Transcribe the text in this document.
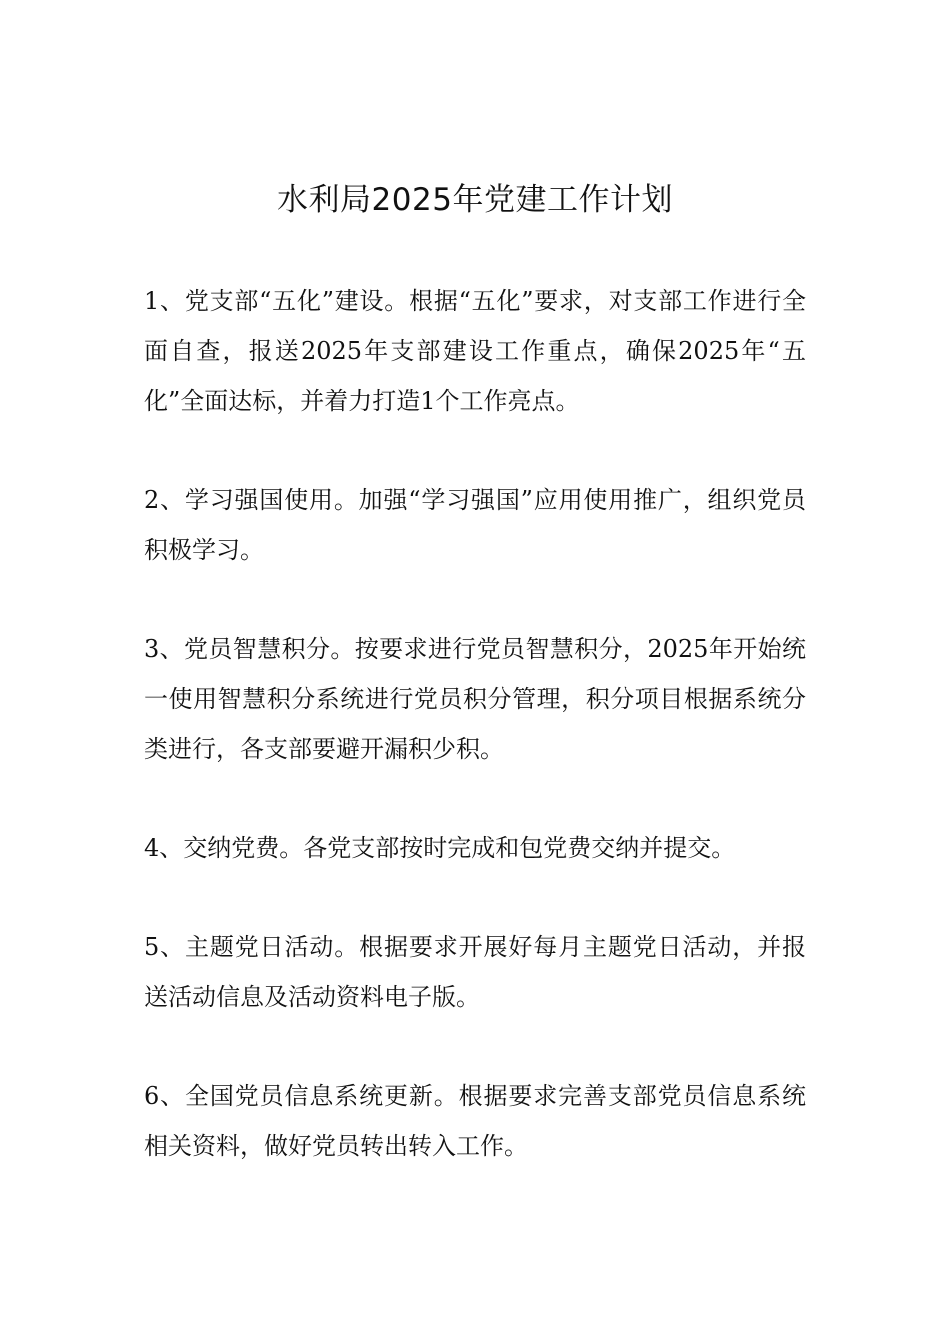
水利局2025年党建工作计划

1、党支部“五化”建设。根据“五化”要求，对支部工作进行全面自查，报送2025年支部建设工作重点，确保2025年“五化”全面达标，并着力打造1个工作亮点。

2、学习强国使用。加强“学习强国”应用使用推广，组织党员积极学习。

3、党员智慧积分。按要求进行党员智慧积分，2025年开始统一使用智慧积分系统进行党员积分管理，积分项目根据系统分类进行，各支部要避开漏积少积。

4、交纳党费。各党支部按时完成和包党费交纳并提交。

5、主题党日活动。根据要求开展好每月主题党日活动，并报送活动信息及活动资料电子版。

6、全国党员信息系统更新。根据要求完善支部党员信息系统相关资料，做好党员转出转入工作。
